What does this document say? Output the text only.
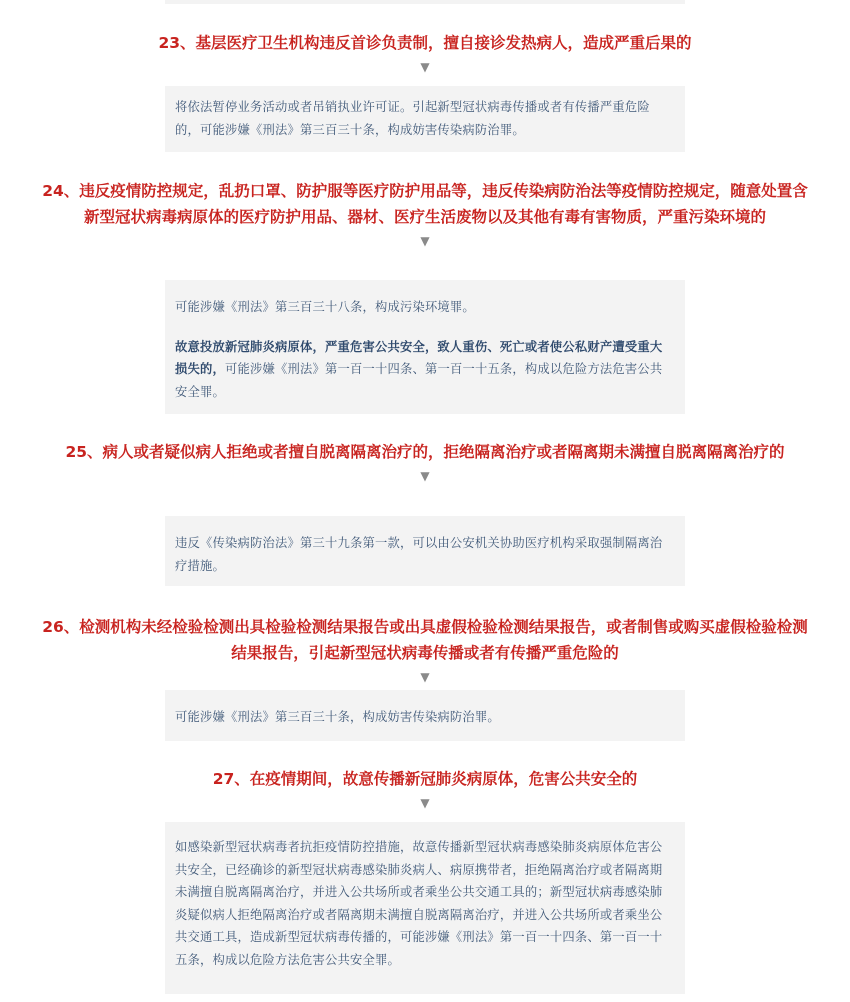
23、基层医疗卫生机构违反首诊负责制，擅自接诊发热病人，造成严重后果的
▼

将依法暂停业务活动或者吊销执业许可证。引起新型冠状病毒传播或者有传播严重危险的，可能涉嫌《刑法》第三百三十条，构成妨害传染病防治罪。

24、违反疫情防控规定，乱扔口罩、防护服等医疗防护用品等，违反传染病防治法等疫情防控规定，随意处置含新型冠状病毒病原体的医疗防护用品、器材、医疗生活废物以及其他有毒有害物质，严重污染环境的
▼

可能涉嫌《刑法》第三百三十八条，构成污染环境罪。

故意投放新冠肺炎病原体，严重危害公共安全，致人重伤、死亡或者使公私财产遭受重大损失的，可能涉嫌《刑法》第一百一十四条、第一百一十五条，构成以危险方法危害公共安全罪。

25、病人或者疑似病人拒绝或者擅自脱离隔离治疗的，拒绝隔离治疗或者隔离期未满擅自脱离隔离治疗的
▼

违反《传染病防治法》第三十九条第一款，可以由公安机关协助医疗机构采取强制隔离治疗措施。

26、检测机构未经检验检测出具检验检测结果报告或出具虚假检验检测结果报告，或者制售或购买虚假检验检测结果报告，引起新型冠状病毒传播或者有传播严重危险的
▼

可能涉嫌《刑法》第三百三十条，构成妨害传染病防治罪。

27、在疫情期间，故意传播新冠肺炎病原体，危害公共安全的
▼

如感染新型冠状病毒者抗拒疫情防控措施，故意传播新型冠状病毒感染肺炎病原体危害公共安全，已经确诊的新型冠状病毒感染肺炎病人、病原携带者，拒绝隔离治疗或者隔离期未满擅自脱离隔离治疗，并进入公共场所或者乘坐公共交通工具的；新型冠状病毒感染肺炎疑似病人拒绝隔离治疗或者隔离期未满擅自脱离隔离治疗，并进入公共场所或者乘坐公共交通工具，造成新型冠状病毒传播的，可能涉嫌《刑法》第一百一十四条、第一百一十五条，构成以危险方法危害公共安全罪。
